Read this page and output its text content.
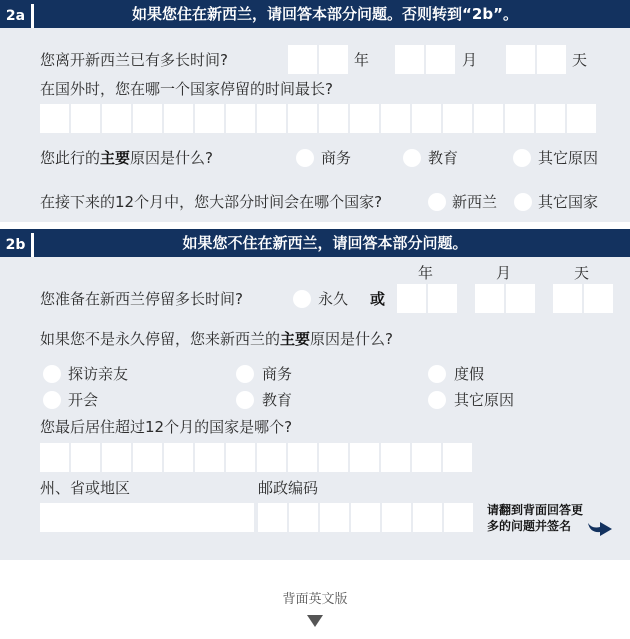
2a	如果您住在新西兰，请回答本部分问题。否则转到“2b”。
您离开新西兰已有多长时间?	年	月	天
在国外时，您在哪一个国家停留的时间最长?
您此行的主要原因是什么?	商务	教育	其它原因
在接下来的12个月中，您大部分时间会在哪个国家?	新西兰	其它国家
2b	如果您不住在新西兰，请回答本部分问题。
年	月	天
您准备在新西兰停留多长时间?	永久 或
如果您不是永久停留，您来新西兰的主要原因是什么?
探访亲友	商务	度假
开会	教育	其它原因
您最后居住超过12个月的国家是哪个?
州、省或地区	邮政编码
请翻到背面回答更
多的问题并签名
背面英文版
